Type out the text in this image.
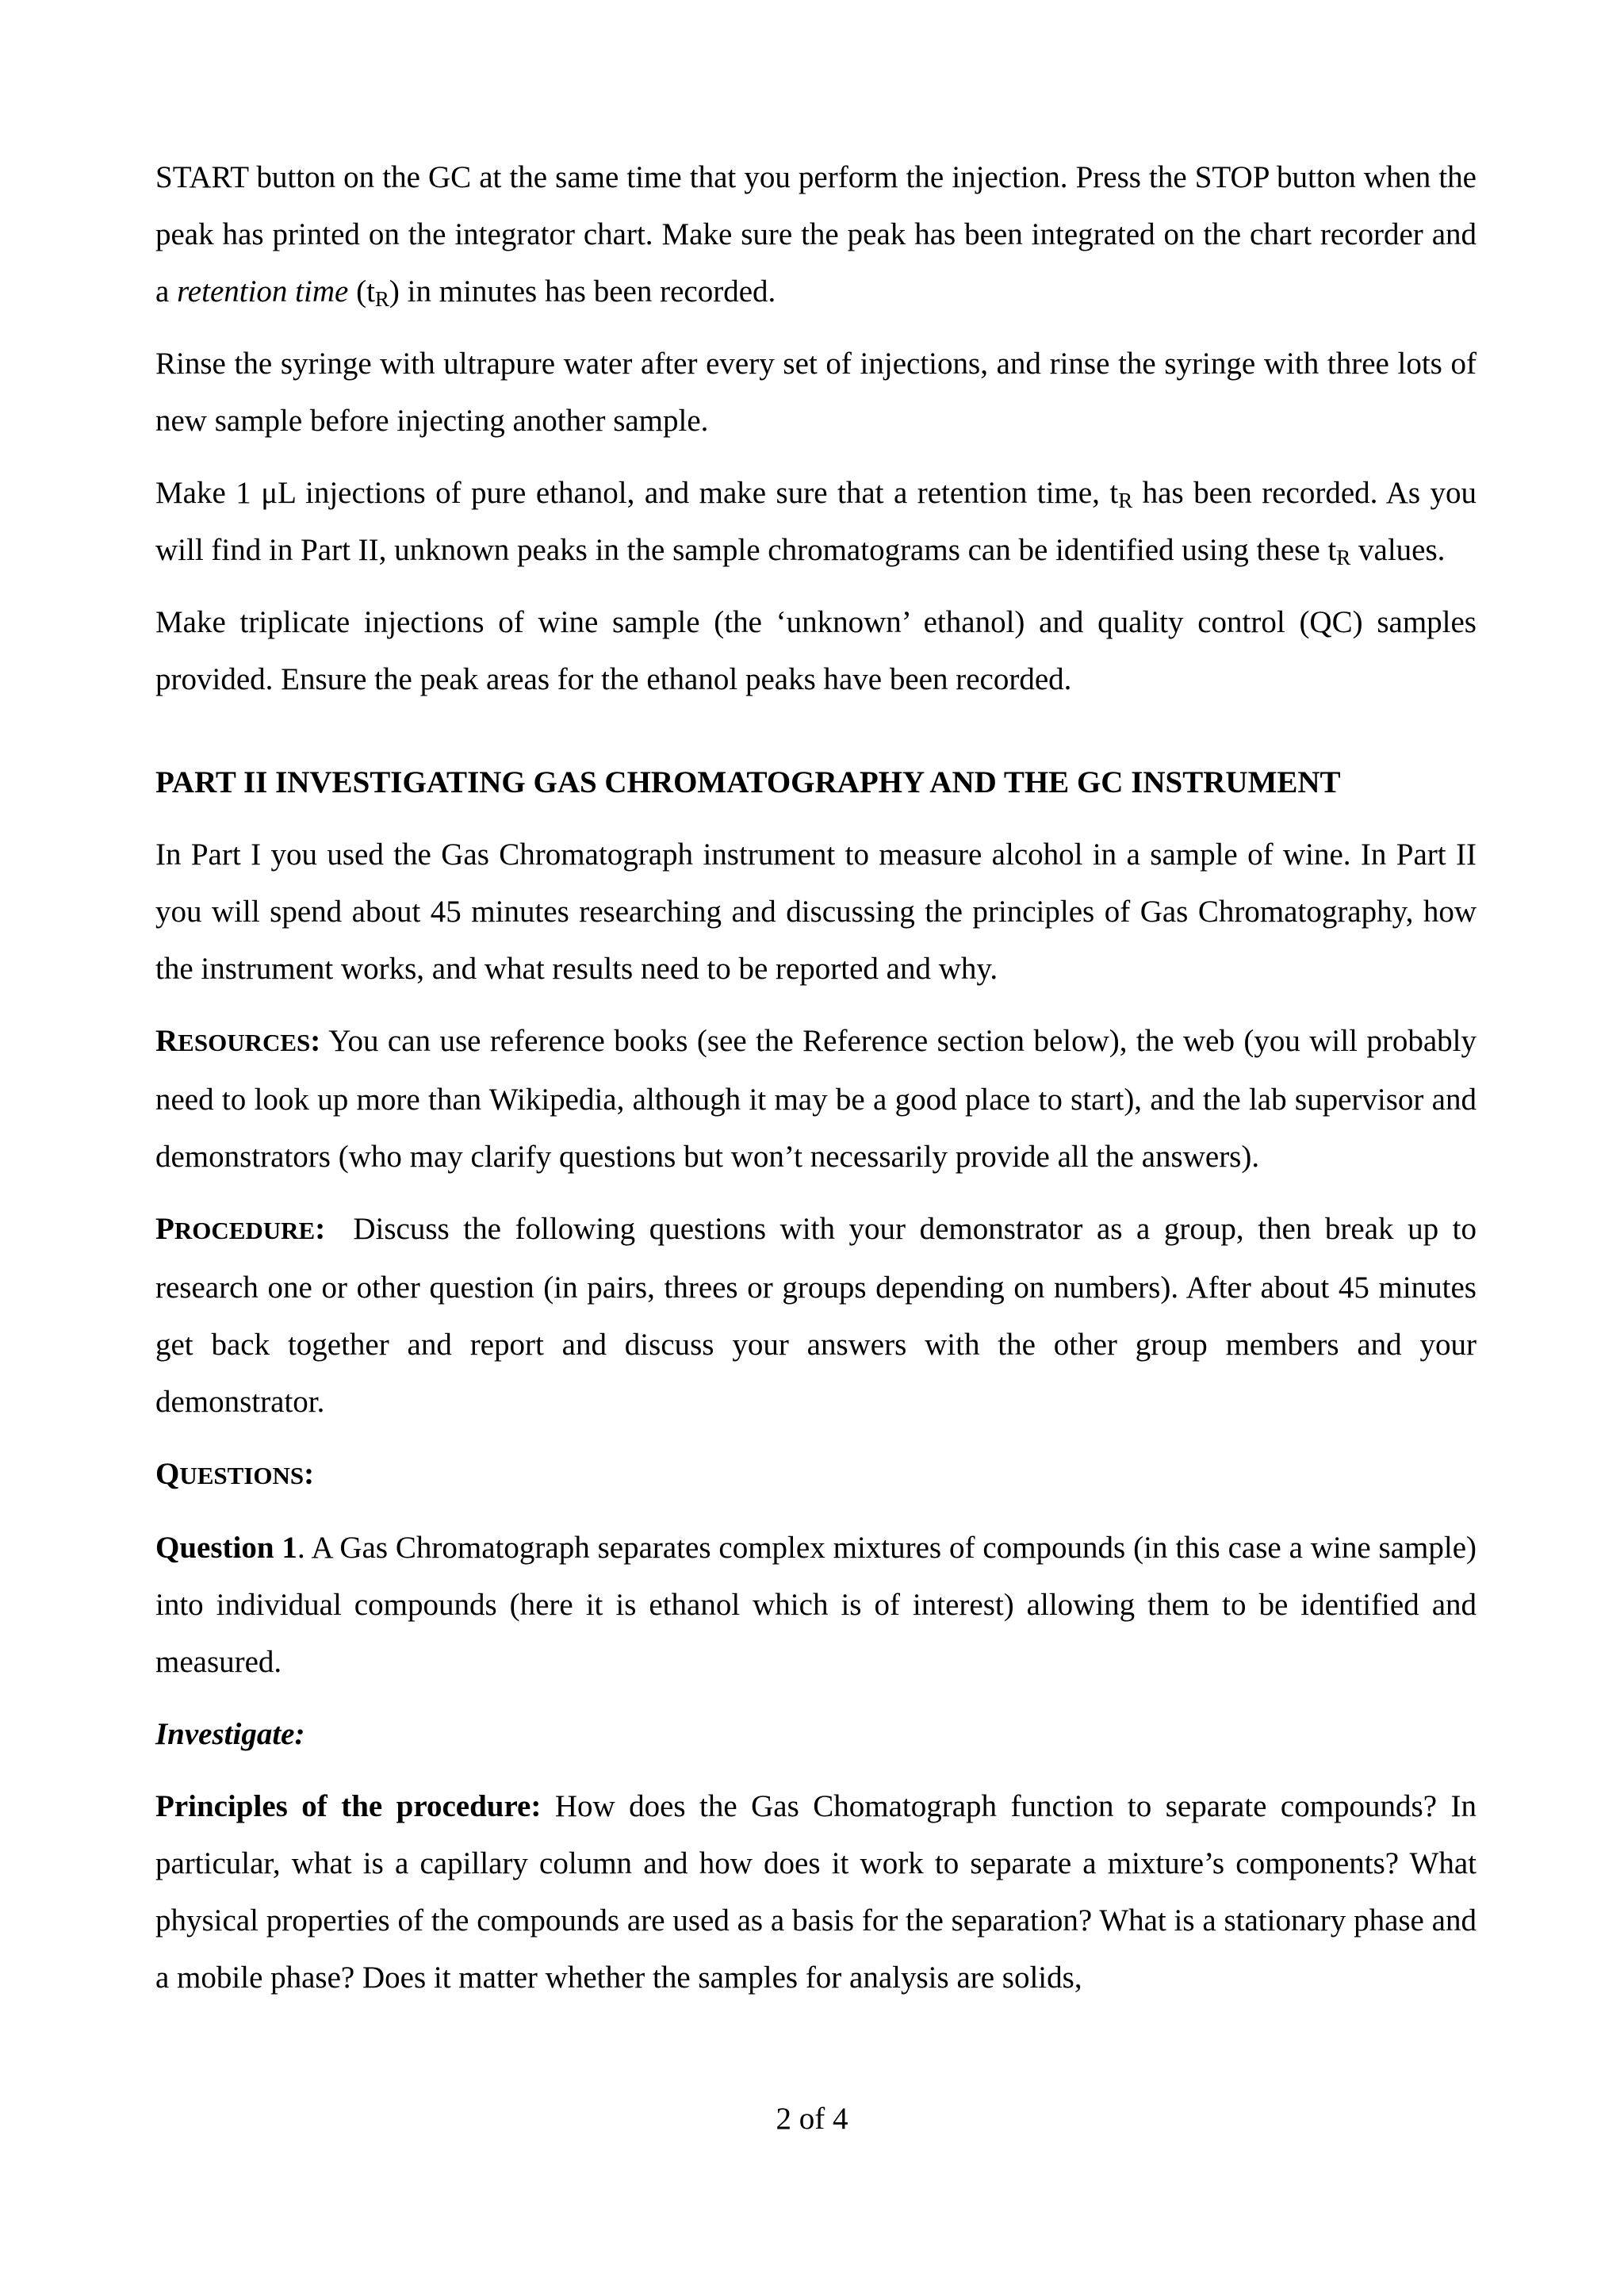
START button on the GC at the same time that you perform the injection. Press the STOP button when the peak has printed on the integrator chart. Make sure the peak has been integrated on the chart recorder and a retention time $(t_R)$ in minutes has been recorded.

Rinse the syringe with ultrapure water after every set of injections, and rinse the syringe with three lots of new sample before injecting another sample.

Make 1 μL injections of pure ethanol, and make sure that a retention time, $t_R$ has been recorded. As you will find in Part II, unknown peaks in the sample chromatograms can be identified using these $t_R$ values.

Make triplicate injections of wine sample (the ‘unknown’ ethanol) and quality control (QC) samples provided. Ensure the peak areas for the ethanol peaks have been recorded.

PART II INVESTIGATING GAS CHROMATOGRAPHY AND THE GC INSTRUMENT

In Part I you used the Gas Chromatograph instrument to measure alcohol in a sample of wine. In Part II you will spend about 45 minutes researching and discussing the principles of Gas Chromatography, how the instrument works, and what results need to be reported and why.

RESOURCES: You can use reference books (see the Reference section below), the web (you will probably need to look up more than Wikipedia, although it may be a good place to start), and the lab supervisor and demonstrators (who may clarify questions but won’t necessarily provide all the answers).

PROCEDURE:  Discuss the following questions with your demonstrator as a group, then break up to research one or other question (in pairs, threes or groups depending on numbers). After about 45 minutes get back together and report and discuss your answers with the other group members and your demonstrator.

QUESTIONS:

Question 1. A Gas Chromatograph separates complex mixtures of compounds (in this case a wine sample) into individual compounds (here it is ethanol which is of interest) allowing them to be identified and measured.

Investigate:

Principles of the procedure: How does the Gas Chomatograph function to separate compounds? In particular, what is a capillary column and how does it work to separate a mixture’s components? What physical properties of the compounds are used as a basis for the separation? What is a stationary phase and a mobile phase? Does it matter whether the samples for analysis are solids,

2 of 4
